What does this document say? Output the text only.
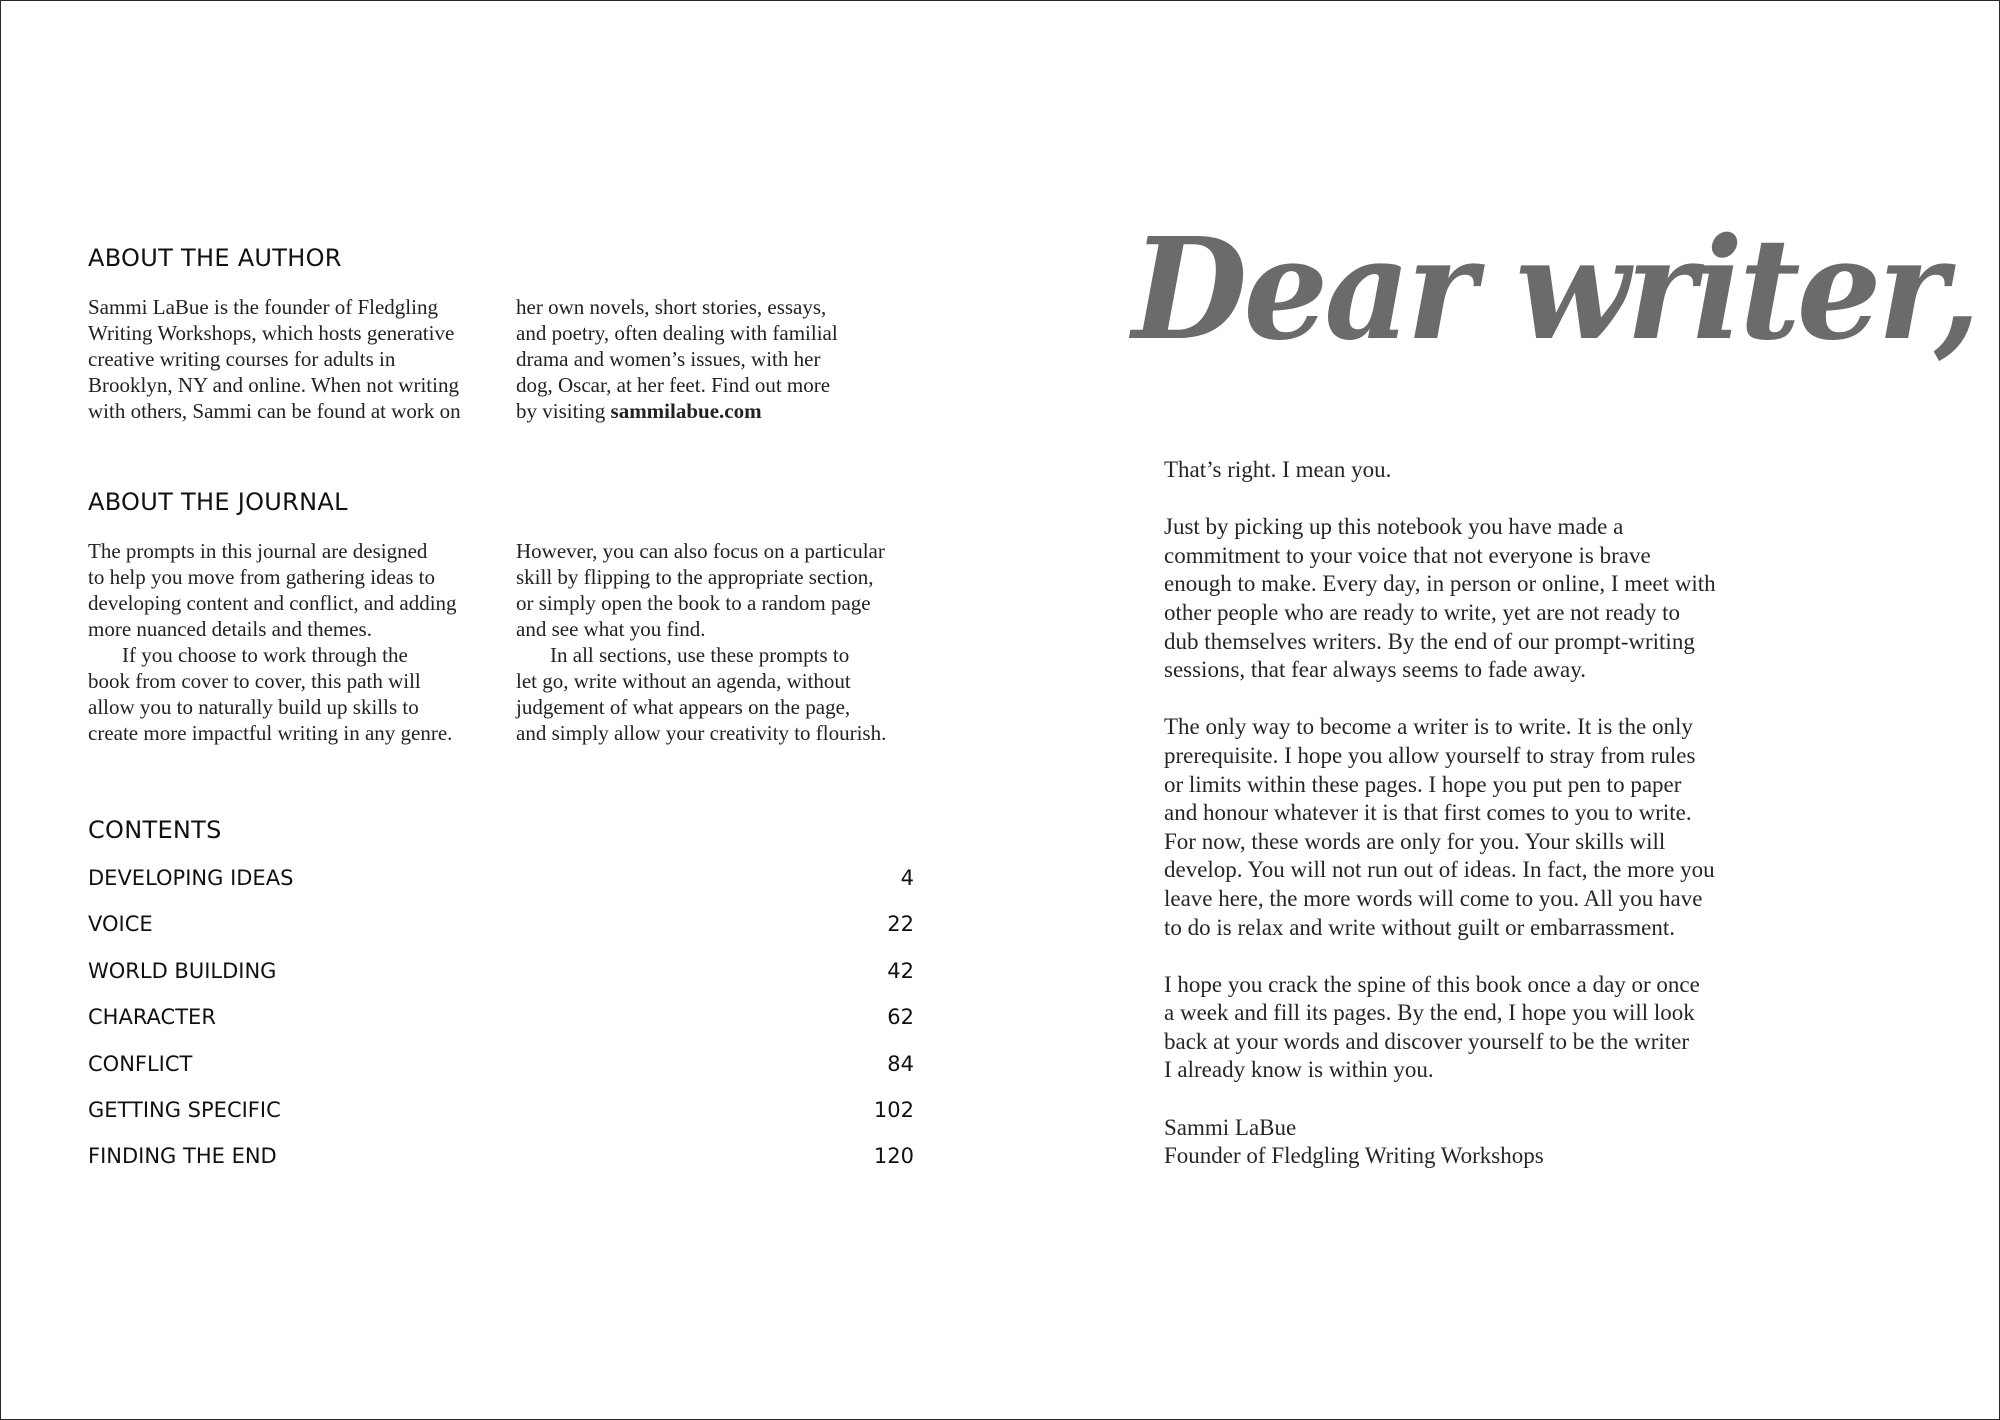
ABOUT THE AUTHOR
Sammi LaBue is the founder of Fledgling
Writing Workshops, which hosts generative
creative writing courses for adults in
Brooklyn, NY and online. When not writing
with others, Sammi can be found at work on
her own novels, short stories, essays,
and poetry, often dealing with familial
drama and women’s issues, with her
dog, Oscar, at her feet. Find out more
by visiting sammilabue.com
ABOUT THE JOURNAL
The prompts in this journal are designed
to help you move from gathering ideas to
developing content and conflict, and adding
more nuanced details and themes.
If you choose to work through the
book from cover to cover, this path will
allow you to naturally build up skills to
create more impactful writing in any genre.
However, you can also focus on a particular
skill by flipping to the appropriate section,
or simply open the book to a random page
and see what you find.
In all sections, use these prompts to
let go, write without an agenda, without
judgement of what appears on the page,
and simply allow your creativity to flourish.
CONTENTS
DEVELOPING IDEAS	4
VOICE	22
WORLD BUILDING	42
CHARACTER	62
CONFLICT	84
GETTING SPECIFIC	102
FINDING THE END	120
Dear writer,

That’s right. I mean you.

Just by picking up this notebook you have made a
commitment to your voice that not everyone is brave
enough to make. Every day, in person or online, I meet with
other people who are ready to write, yet are not ready to
dub themselves writers. By the end of our prompt-writing
sessions, that fear always seems to fade away.

The only way to become a writer is to write. It is the only
prerequisite. I hope you allow yourself to stray from rules
or limits within these pages. I hope you put pen to paper
and honour whatever it is that first comes to you to write.
For now, these words are only for you. Your skills will
develop. You will not run out of ideas. In fact, the more you
leave here, the more words will come to you. All you have
to do is relax and write without guilt or embarrassment.

I hope you crack the spine of this book once a day or once
a week and fill its pages. By the end, I hope you will look
back at your words and discover yourself to be the writer
I already know is within you.

Sammi LaBue
Founder of Fledgling Writing Workshops
